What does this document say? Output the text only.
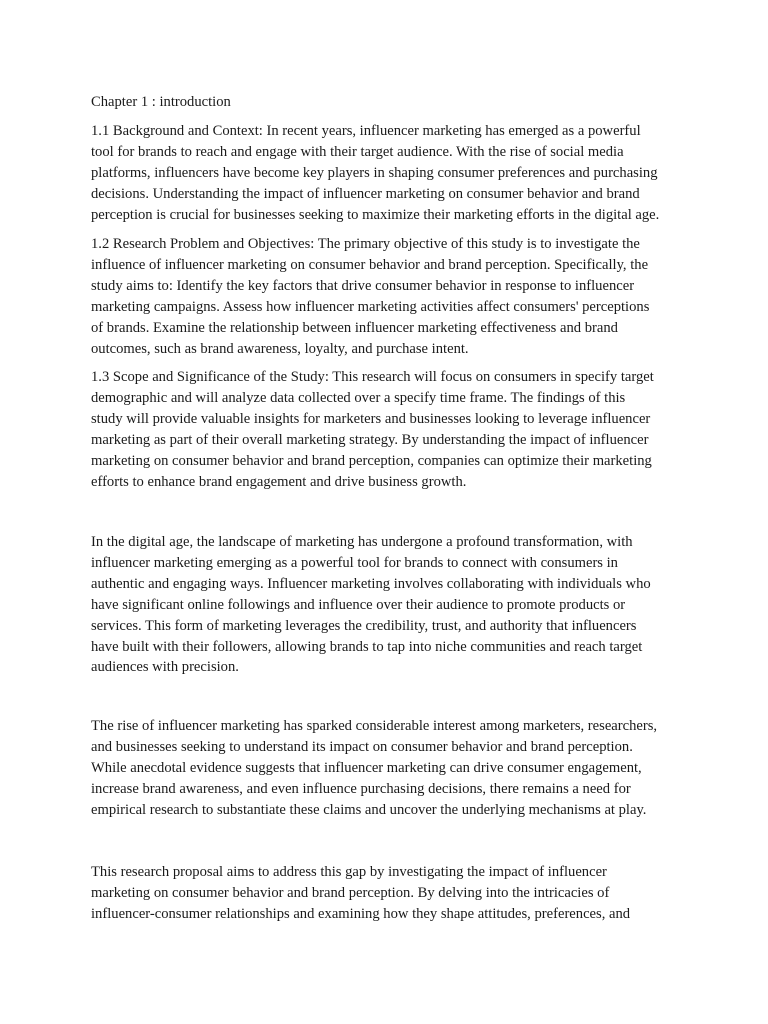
Chapter 1 : introduction

1.1 Background and Context: In recent years, influencer marketing has emerged as a powerful
tool for brands to reach and engage with their target audience. With the rise of social media
platforms, influencers have become key players in shaping consumer preferences and purchasing
decisions. Understanding the impact of influencer marketing on consumer behavior and brand
perception is crucial for businesses seeking to maximize their marketing efforts in the digital age.

1.2 Research Problem and Objectives: The primary objective of this study is to investigate the
influence of influencer marketing on consumer behavior and brand perception. Specifically, the
study aims to: Identify the key factors that drive consumer behavior in response to influencer
marketing campaigns. Assess how influencer marketing activities affect consumers' perceptions
of brands. Examine the relationship between influencer marketing effectiveness and brand
outcomes, such as brand awareness, loyalty, and purchase intent.

1.3 Scope and Significance of the Study: This research will focus on consumers in specify target
demographic and will analyze data collected over a specify time frame. The findings of this
study will provide valuable insights for marketers and businesses looking to leverage influencer
marketing as part of their overall marketing strategy. By understanding the impact of influencer
marketing on consumer behavior and brand perception, companies can optimize their marketing
efforts to enhance brand engagement and drive business growth.

In the digital age, the landscape of marketing has undergone a profound transformation, with
influencer marketing emerging as a powerful tool for brands to connect with consumers in
authentic and engaging ways. Influencer marketing involves collaborating with individuals who
have significant online followings and influence over their audience to promote products or
services. This form of marketing leverages the credibility, trust, and authority that influencers
have built with their followers, allowing brands to tap into niche communities and reach target
audiences with precision.

The rise of influencer marketing has sparked considerable interest among marketers, researchers,
and businesses seeking to understand its impact on consumer behavior and brand perception.
While anecdotal evidence suggests that influencer marketing can drive consumer engagement,
increase brand awareness, and even influence purchasing decisions, there remains a need for
empirical research to substantiate these claims and uncover the underlying mechanisms at play.

This research proposal aims to address this gap by investigating the impact of influencer
marketing on consumer behavior and brand perception. By delving into the intricacies of
influencer-consumer relationships and examining how they shape attitudes, preferences, and
